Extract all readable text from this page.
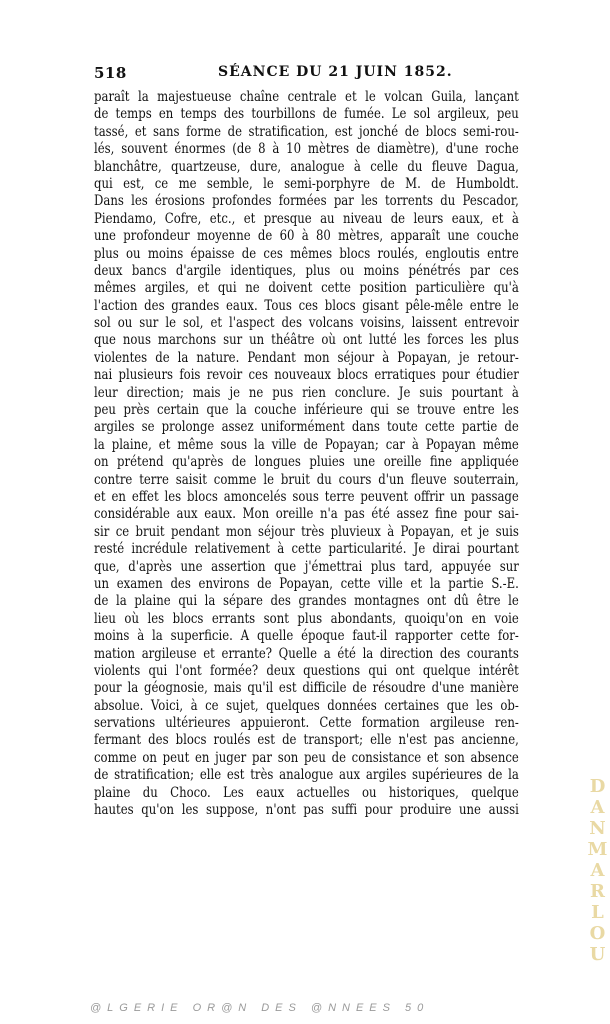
518	SÉANCE DU 21 JUIN 1852.
paraît la majestueuse chaîne centrale et le volcan Guila, lançant
de temps en temps des tourbillons de fumée. Le sol argileux, peu
tassé, et sans forme de stratification, est jonché de blocs semi-rou-
lés, souvent énormes (de 8 à 10 mètres de diamètre), d'une roche
blanchâtre, quartzeuse, dure, analogue à celle du fleuve Dagua,
qui est, ce me semble, le semi-porphyre de M. de Humboldt.
Dans les érosions profondes formées par les torrents du Pescador,
Piendamo, Cofre, etc., et presque au niveau de leurs eaux, et à
une profondeur moyenne de 60 à 80 mètres, apparaît une couche
plus ou moins épaisse de ces mêmes blocs roulés, engloutis entre
deux bancs d'argile identiques, plus ou moins pénétrés par ces
mêmes argiles, et qui ne doivent cette position particulière qu'à
l'action des grandes eaux. Tous ces blocs gisant pêle-mêle entre le
sol ou sur le sol, et l'aspect des volcans voisins, laissent entrevoir
que nous marchons sur un théâtre où ont lutté les forces les plus
violentes de la nature. Pendant mon séjour à Popayan, je retour-
nai plusieurs fois revoir ces nouveaux blocs erratiques pour étudier
leur direction; mais je ne pus rien conclure. Je suis pourtant à
peu près certain que la couche inférieure qui se trouve entre les
argiles se prolonge assez uniformément dans toute cette partie de
la plaine, et même sous la ville de Popayan; car à Popayan même
on prétend qu'après de longues pluies une oreille fine appliquée
contre terre saisit comme le bruit du cours d'un fleuve souterrain,
et en effet les blocs amoncelés sous terre peuvent offrir un passage
considérable aux eaux. Mon oreille n'a pas été assez fine pour sai-
sir ce bruit pendant mon séjour très pluvieux à Popayan, et je suis
resté incrédule relativement à cette particularité. Je dirai pourtant
que, d'après une assertion que j'émettrai plus tard, appuyée sur
un examen des environs de Popayan, cette ville et la partie S.-E.
de la plaine qui la sépare des grandes montagnes ont dû être le
lieu où les blocs errants sont plus abondants, quoiqu'on en voie
moins à la superficie. A quelle époque faut-il rapporter cette for-
mation argileuse et errante? Quelle a été la direction des courants
violents qui l'ont formée? deux questions qui ont quelque intérêt
pour la géognosie, mais qu'il est difficile de résoudre d'une manière
absolue. Voici, à ce sujet, quelques données certaines que les ob-
servations ultérieures appuieront. Cette formation argileuse ren-
fermant des blocs roulés est de transport; elle n'est pas ancienne,
comme on peut en juger par son peu de consistance et son absence
de stratification; elle est très analogue aux argiles supérieures de la
plaine du Choco. Les eaux actuelles ou historiques, quelque
hautes qu'on les suppose, n'ont pas suffi pour produire une aussi	DANMARLOU
@LGERIE OR@N DES @NNEES 50
